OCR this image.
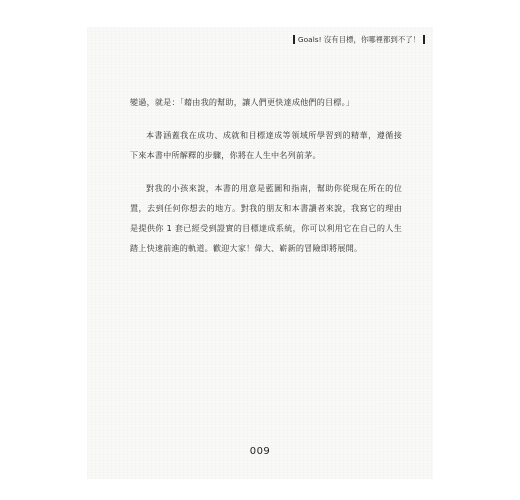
Goals! 沒有目標，你哪裡都到不了！

變過，就是：「藉由我的幫助，讓人們更快達成他們的目標。」

本書涵蓋我在成功、成就和目標達成等領域所學習到的精華，遵循接下來本書中所解釋的步驟，你將在人生中名列前茅。

對我的小孩來說，本書的用意是藍圖和指南，幫助你從現在所在的位置，去到任何你想去的地方。對我的朋友和本書讀者來說，我寫它的理由是提供你 1 套已經受到證實的目標達成系統，你可以利用它在自己的人生踏上快速前進的軌道。歡迎大家！偉大、嶄新的冒險即將展開。

009
